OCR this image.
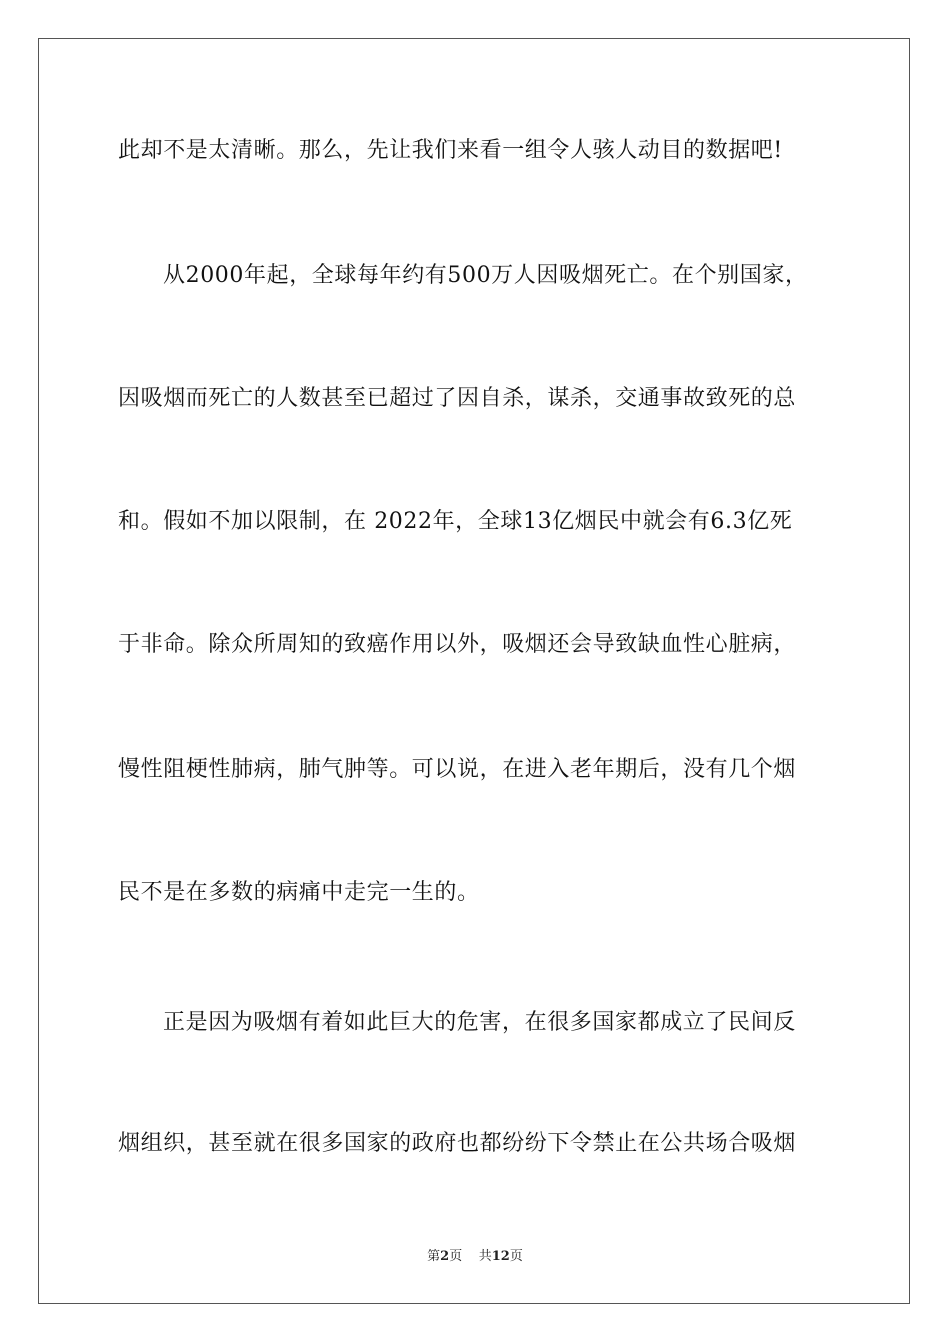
此却不是太清晰。那么，先让我们来看一组令人骇人动目的数据吧!
从2000年起，全球每年约有500万人因吸烟死亡。在个别国家，
因吸烟而死亡的人数甚至已超过了因自杀，谋杀，交通事故致死的总
和。假如不加以限制，在 2022年，全球13亿烟民中就会有6.3亿死
于非命。除众所周知的致癌作用以外，吸烟还会导致缺血性心脏病，
慢性阻梗性肺病，肺气肿等。可以说，在进入老年期后，没有几个烟
民不是在多数的病痛中走完一生的。
正是因为吸烟有着如此巨大的危害，在很多国家都成立了民间反
烟组织，甚至就在很多国家的政府也都纷纷下令禁止在公共场合吸烟
第2页 共12页
